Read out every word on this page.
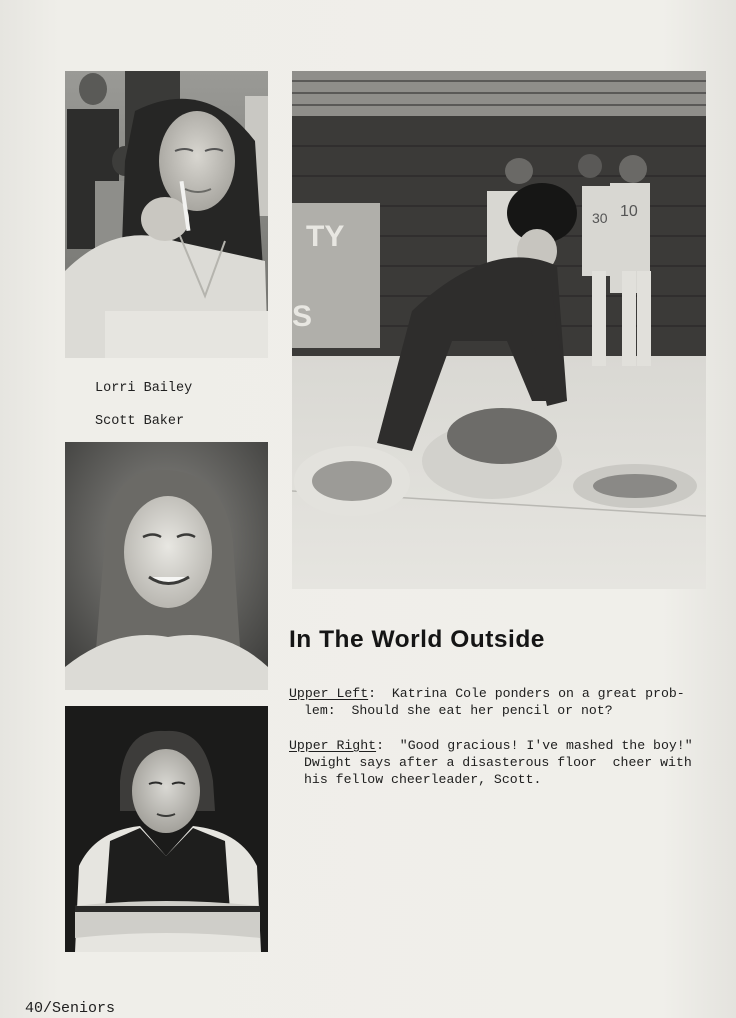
Lorri Bailey
Scott Baker
TY
S
10
30
In The World Outside
Upper Left:  Katrina Cole ponders on a great prob-
lem:  Should she eat her pencil or not?
Upper Right:  "Good gracious! I've mashed the boy!"
Dwight says after a disasterous floor  cheer with
his fellow cheerleader, Scott.
40/Seniors
